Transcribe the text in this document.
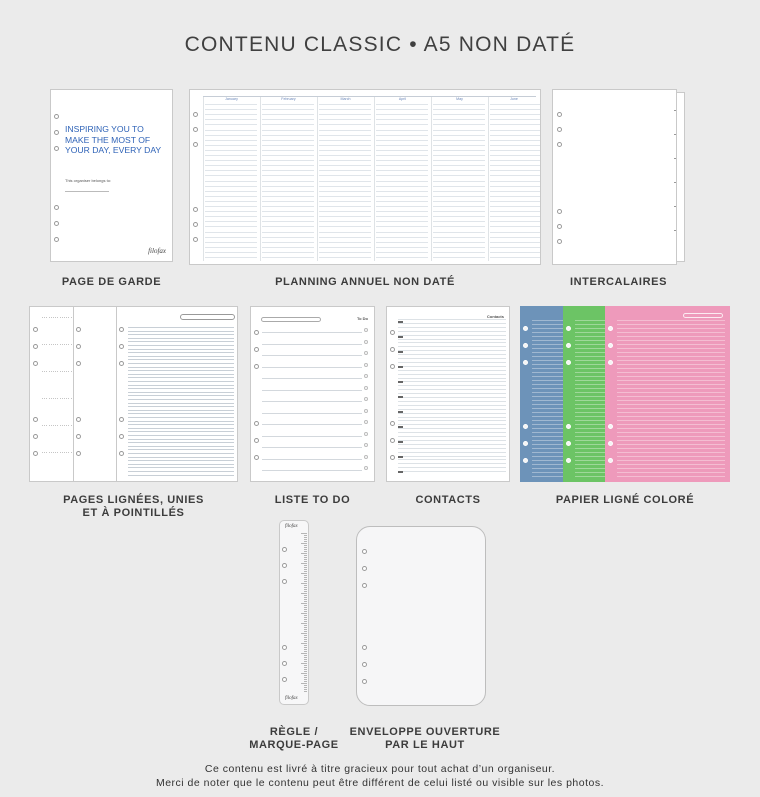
CONTENU CLASSIC • A5 NON DATÉ
INSPIRING YOU TO MAKE THE MOST OF YOUR DAY, EVERY DAY
This organiser belongs to:
filofax
PAGE DE GARDE
January	February	March	April	May	June
PLANNING ANNUEL NON DATÉ	INTERCALAIRES
PAGES LIGNÉES, UNIES
ET À POINTILLÉS
To Do
LISTE TO DO
Contacts
CONTACTS	PAPIER LIGNÉ COLORÉ
filofax
filofax
RÈGLE /
MARQUE-PAGE
ENVELOPPE OUVERTURE
PAR LE HAUT
Ce contenu est livré à titre gracieux pour tout achat d’un organiseur.
Merci de noter que le contenu peut être différent de celui listé ou visible sur les photos.
